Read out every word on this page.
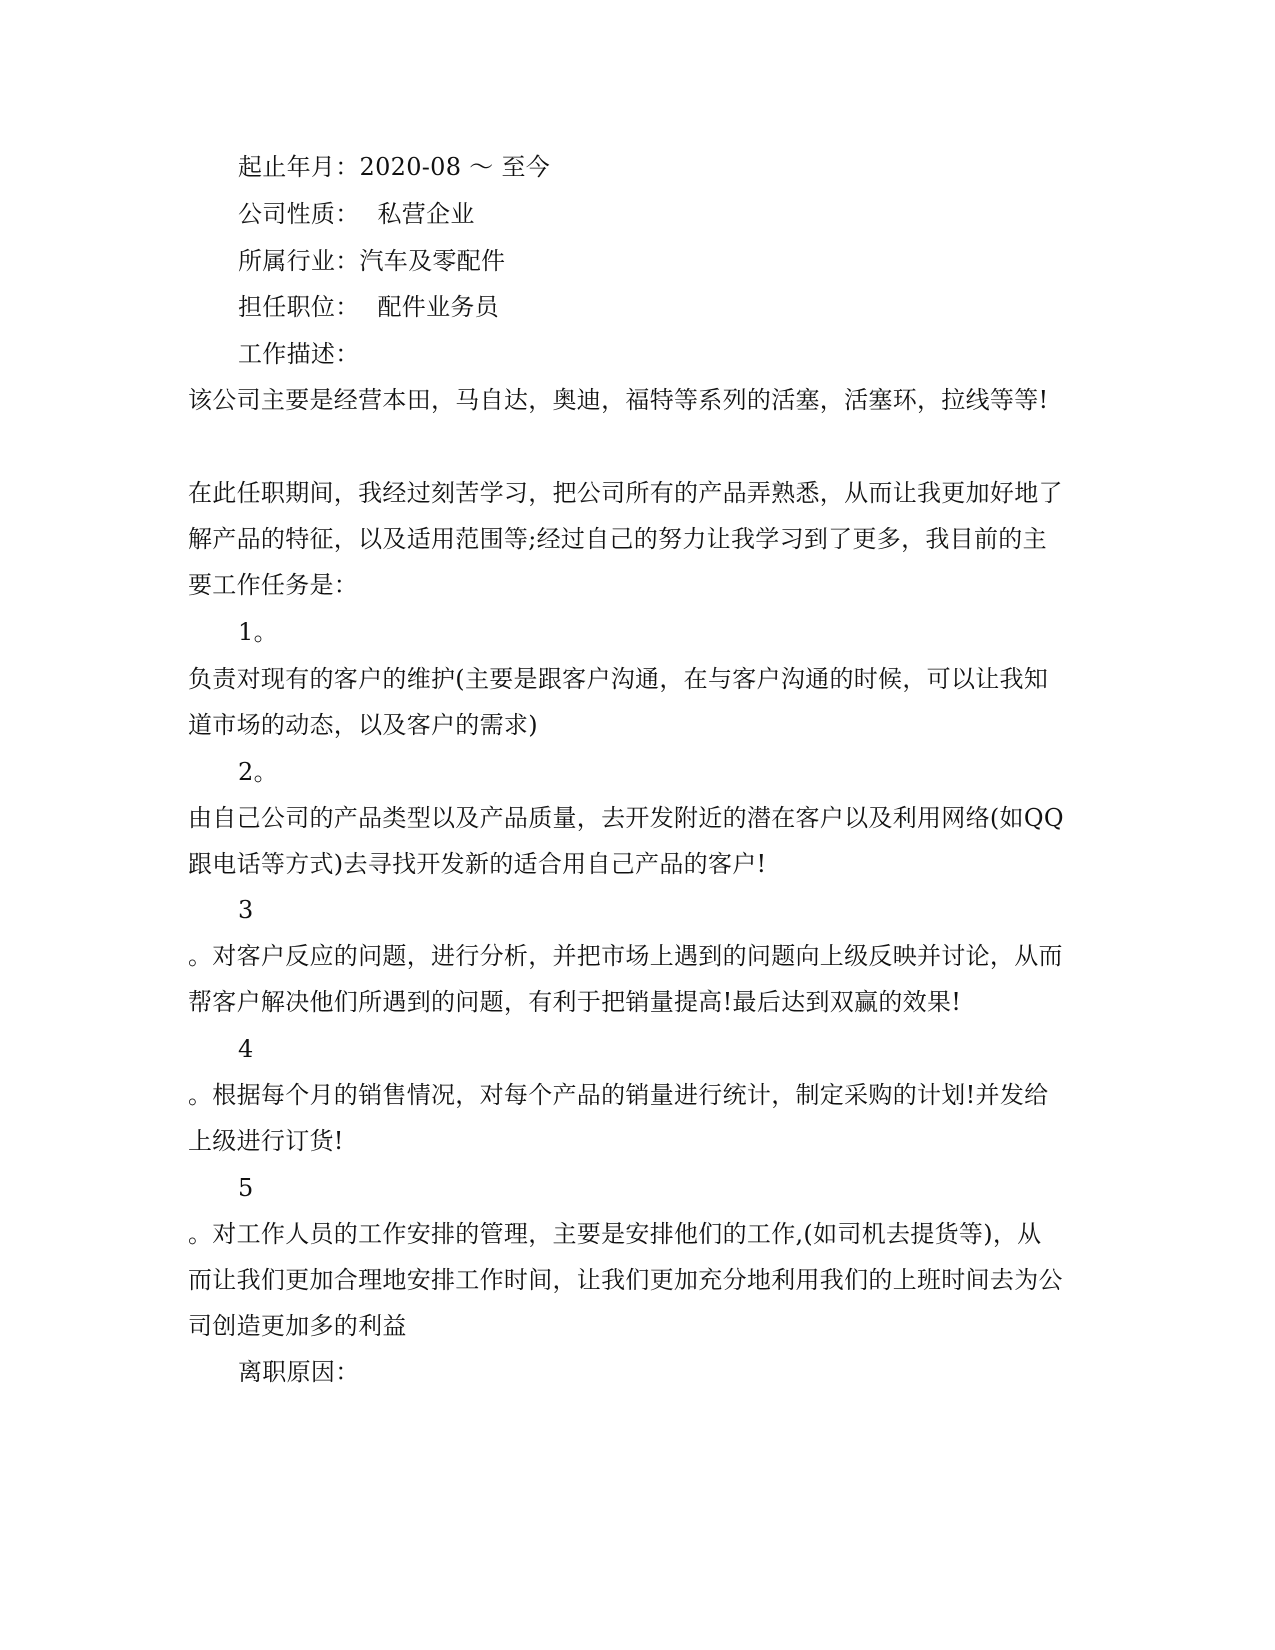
起止年月：2020-08 ～ 至今
公司性质： 私营企业
所属行业：汽车及零配件
担任职位： 配件业务员
工作描述：
该公司主要是经营本田，马自达，奥迪，福特等系列的活塞，活塞环，拉线等等!
在此任职期间，我经过刻苦学习，把公司所有的产品弄熟悉，从而让我更加好地了
解产品的特征，以及适用范围等;经过自己的努力让我学习到了更多，我目前的主
要工作任务是：
1。
负责对现有的客户的维护(主要是跟客户沟通，在与客户沟通的时候，可以让我知
道市场的动态，以及客户的需求)
2。
由自己公司的产品类型以及产品质量，去开发附近的潜在客户以及利用网络(如QQ
跟电话等方式)去寻找开发新的适合用自己产品的客户!
3
。对客户反应的问题，进行分析，并把市场上遇到的问题向上级反映并讨论，从而
帮客户解决他们所遇到的问题，有利于把销量提高!最后达到双赢的效果!
4
。根据每个月的销售情况，对每个产品的销量进行统计，制定采购的计划!并发给
上级进行订货!
5
。对工作人员的工作安排的管理，主要是安排他们的工作,(如司机去提货等)，从
而让我们更加合理地安排工作时间，让我们更加充分地利用我们的上班时间去为公
司创造更加多的利益
离职原因：
